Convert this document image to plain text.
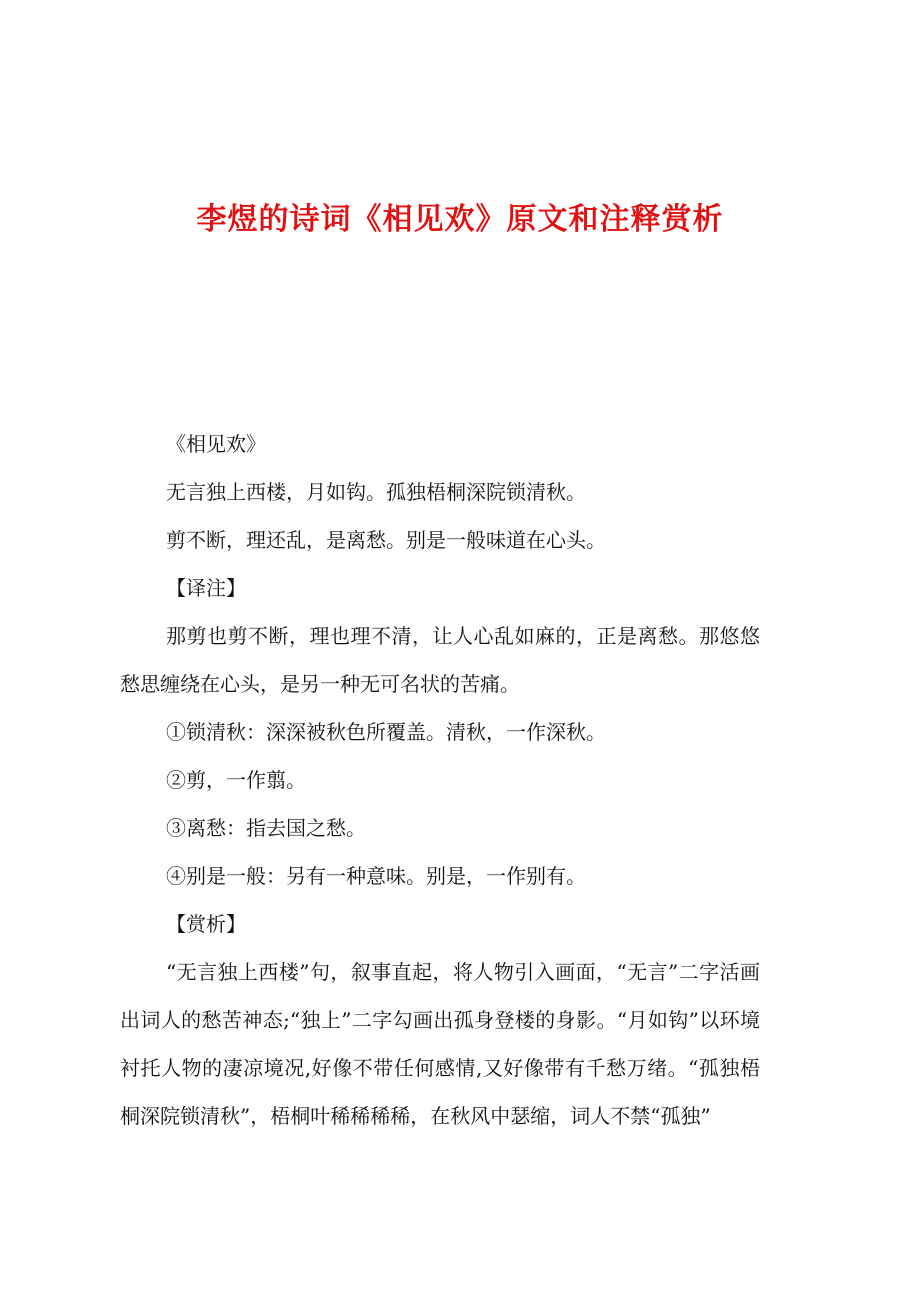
李煜的诗词《相见欢》原文和注释赏析

《相见欢》

无言独上西楼，月如钩。孤独梧桐深院锁清秋。

剪不断，理还乱，是离愁。别是一般味道在心头。

【译注】

那剪也剪不断，理也理不清，让人心乱如麻的，正是离愁。那悠悠愁思缠绕在心头，是另一种无可名状的苦痛。

①锁清秋：深深被秋色所覆盖。清秋，一作深秋。

②剪，一作翦。

③离愁：指去国之愁。

④别是一般：另有一种意味。别是，一作别有。

【赏析】

“无言独上西楼”句，叙事直起，将人物引入画面，“无言”二字活画出词人的愁苦神态;“独上”二字勾画出孤身登楼的身影。“月如钩”以环境衬托人物的凄凉境况,好像不带任何感情,又好像带有千愁万绪。“孤独梧桐深院锁清秋”，梧桐叶稀稀稀稀，在秋风中瑟缩，词人不禁“孤独”
